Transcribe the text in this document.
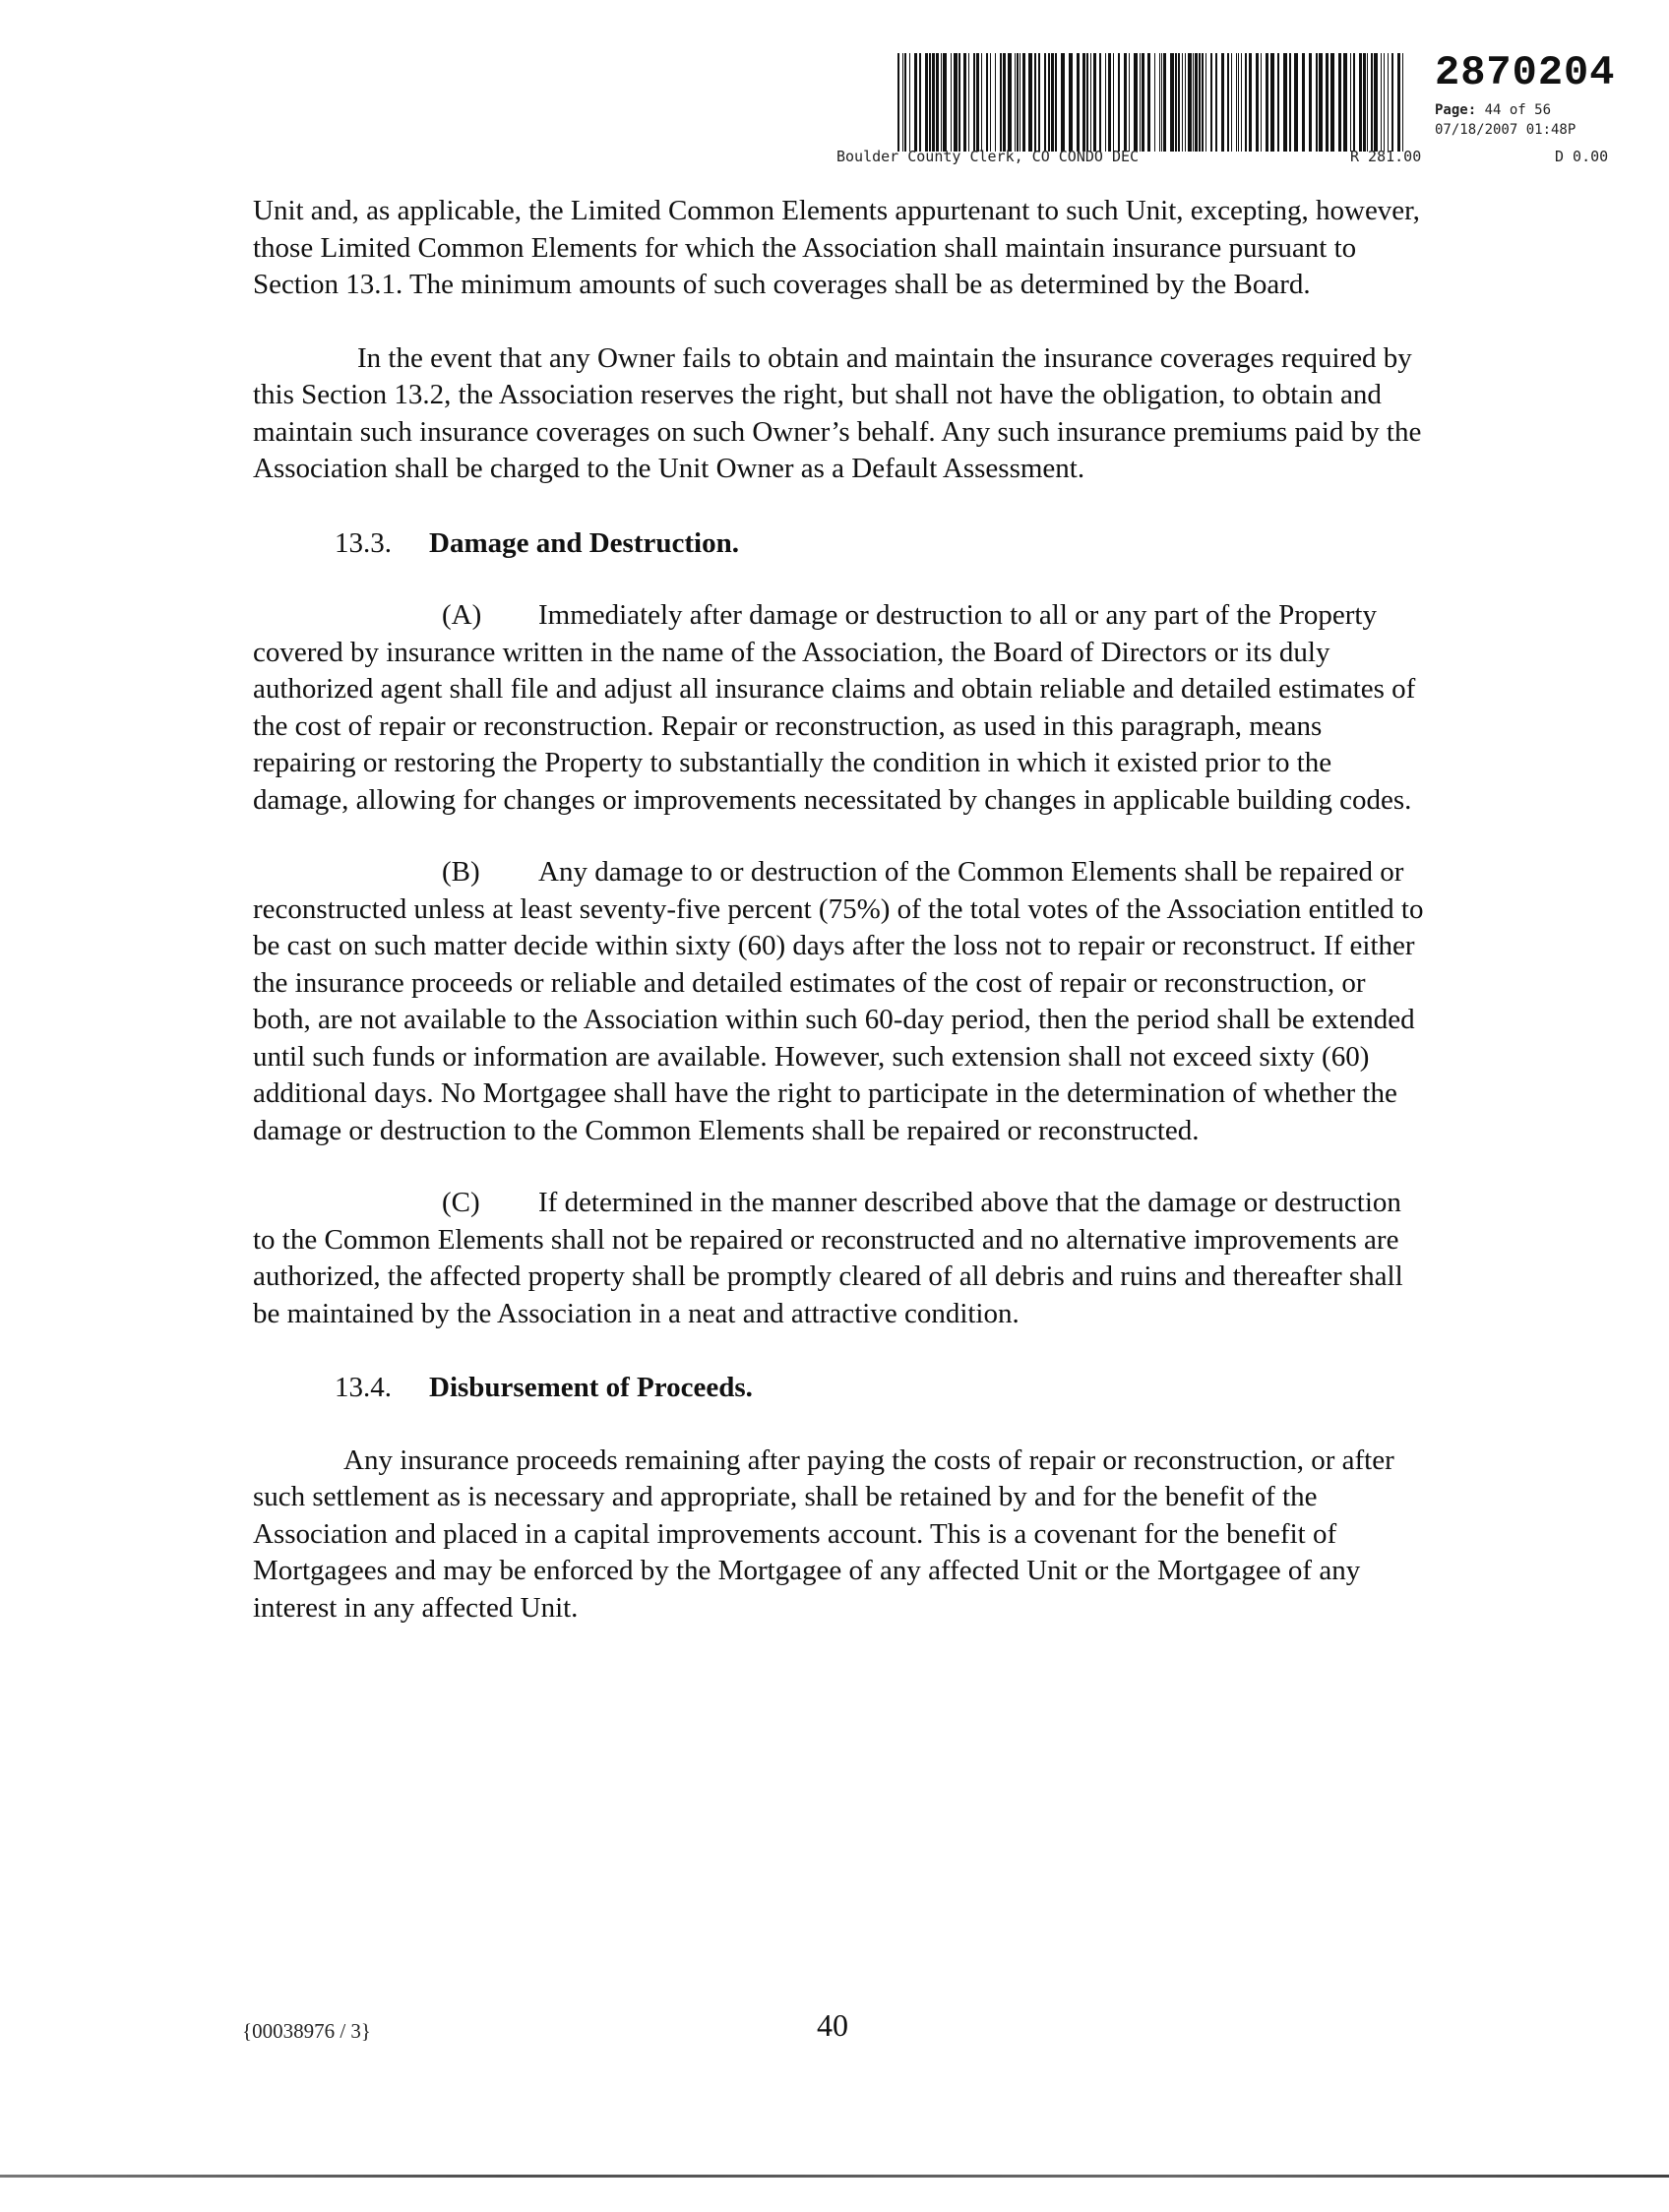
2870204
Page: 44 of 56
07/18/2007 01:48P

Boulder County Clerk, CO CONDO DEC

	R 281.00

	D 0.00

Unit and, as applicable, the Limited Common Elements appurtenant to such Unit, excepting, however, those Limited Common Elements for which the Association shall maintain insurance pursuant to Section 13.1. The minimum amounts of such coverages shall be as determined by the Board.

In the event that any Owner fails to obtain and maintain the insurance coverages required by this Section 13.2, the Association reserves the right, but shall not have the obligation, to obtain and maintain such insurance coverages on such Owner’s behalf. Any such insurance premiums paid by the Association shall be charged to the Unit Owner as a Default Assessment.

13.3. Damage and Destruction.

(A) Immediately after damage or destruction to all or any part of the Property covered by insurance written in the name of the Association, the Board of Directors or its duly authorized agent shall file and adjust all insurance claims and obtain reliable and detailed estimates of the cost of repair or reconstruction. Repair or reconstruction, as used in this paragraph, means repairing or restoring the Property to substantially the condition in which it existed prior to the damage, allowing for changes or improvements necessitated by changes in applicable building codes.

(B) Any damage to or destruction of the Common Elements shall be repaired or reconstructed unless at least seventy-five percent (75%) of the total votes of the Association entitled to be cast on such matter decide within sixty (60) days after the loss not to repair or reconstruct. If either the insurance proceeds or reliable and detailed estimates of the cost of repair or reconstruction, or both, are not available to the Association within such 60-day period, then the period shall be extended until such funds or information are available. However, such extension shall not exceed sixty (60) additional days. No Mortgagee shall have the right to participate in the determination of whether the damage or destruction to the Common Elements shall be repaired or reconstructed.

(C) If determined in the manner described above that the damage or destruction to the Common Elements shall not be repaired or reconstructed and no alternative improvements are authorized, the affected property shall be promptly cleared of all debris and ruins and thereafter shall be maintained by the Association in a neat and attractive condition.

13.4. Disbursement of Proceeds.

Any insurance proceeds remaining after paying the costs of repair or reconstruction, or after such settlement as is necessary and appropriate, shall be retained by and for the benefit of the Association and placed in a capital improvements account. This is a covenant for the benefit of Mortgagees and may be enforced by the Mortgagee of any affected Unit or the Mortgagee of any interest in any affected Unit.

{00038976 / 3}	40
